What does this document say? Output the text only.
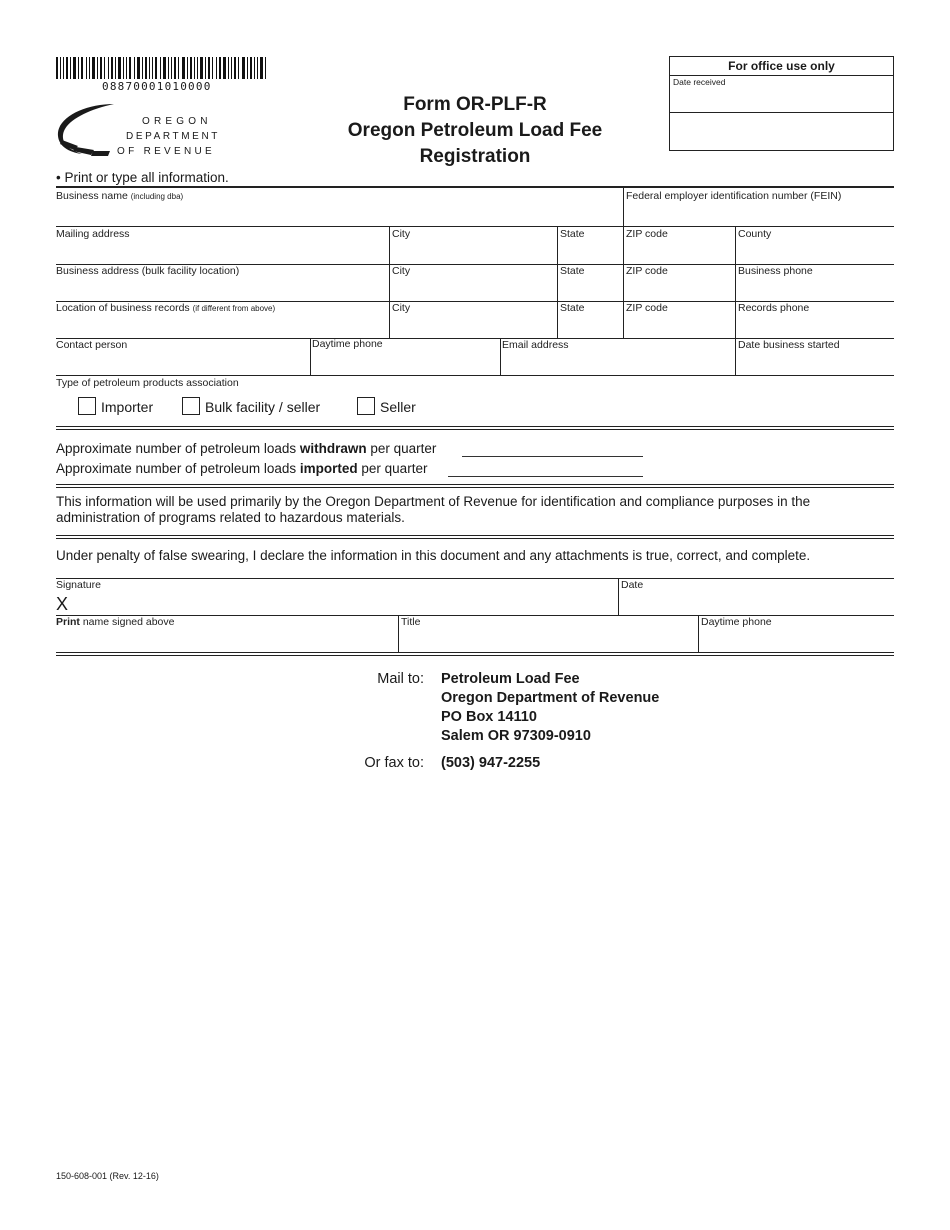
08870001010000
OREGON
DEPARTMENT
OF REVENUE
Form OR-PLF-R
Oregon Petroleum Load Fee
Registration
For office use only
Date received
• Print or type all information.
Business name (including dba)	Federal employer identification number (FEIN)
Mailing address	City	State	ZIP code	County
Business address (bulk facility location)	City	State	ZIP code	Business phone
Location of business records (if different from above)	City	State	ZIP code	Records phone
Contact person	Daytime phone	Email address	Date business started
Type of petroleum products association
Importer	Bulk facility / seller	Seller
Approximate number of petroleum loads withdrawn per quarter
Approximate number of petroleum loads imported per quarter
This information will be used primarily by the Oregon Department of Revenue for identification and compliance purposes in the administration of programs related to hazardous materials.
Under penalty of false swearing, I declare the information in this document and any attachments is true, correct, and complete.
Signature
X
Date
Print name signed above	Title	Daytime phone
Mail to: Petroleum Load Fee
Oregon Department of Revenue
PO Box 14110
Salem OR 97309-0910
Or fax to: (503) 947-2255
150-608-001 (Rev. 12-16)
